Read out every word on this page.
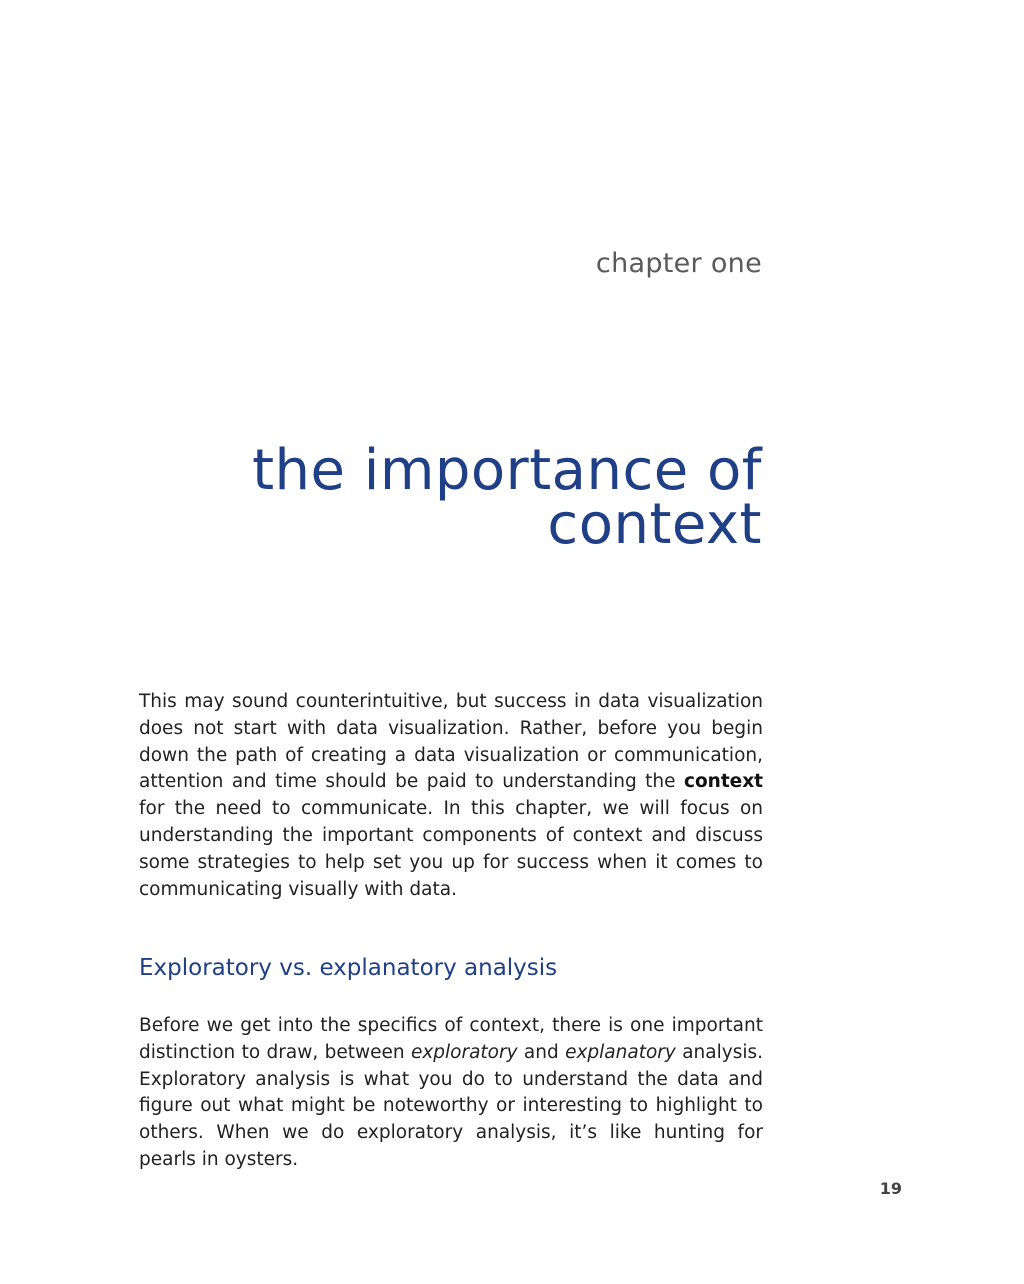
chapter one
the importance of
context

This may sound counterintuitive, but success in data visualization does not start with data visualization. Rather, before you begin down the path of creating a data visualization or communication, attention and time should be paid to understanding the context for the need to communicate. In this chapter, we will focus on understanding the important components of context and discuss some strategies to help set you up for success when it comes to communicating visually with data.

Exploratory vs. explanatory analysis

Before we get into the specifics of context, there is one important distinction to draw, between exploratory and explanatory analysis. Exploratory analysis is what you do to understand the data and figure out what might be noteworthy or interesting to highlight to others. When we do exploratory analysis, it’s like hunting for pearls in oysters.

19
